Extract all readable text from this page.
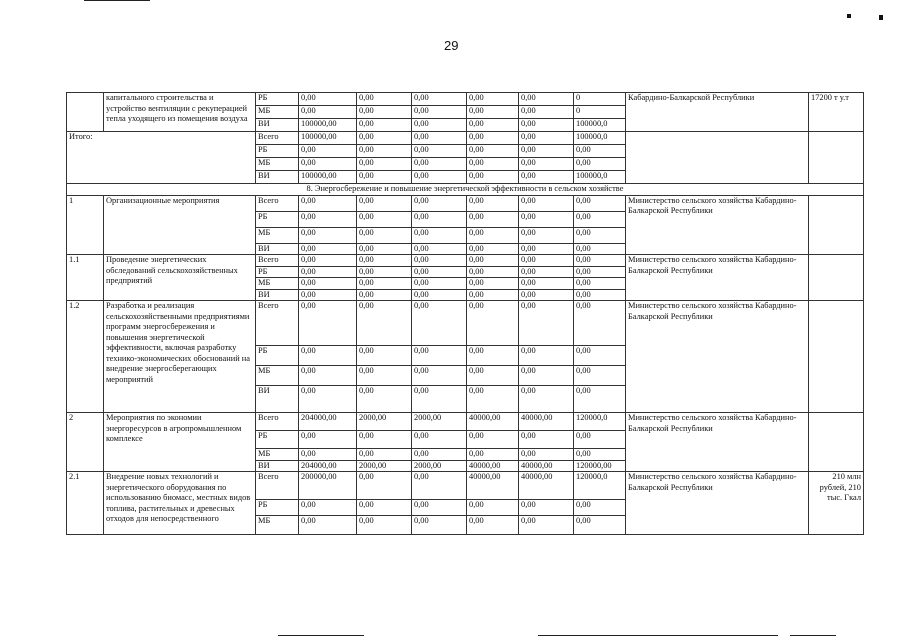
29
	капитального строительства и устройство вентиляции с рекуперацией тепла уходящего из помещения воздуха	РБ	0,00	0,00	0,00	0,00	0,00	0	Кабардино-Балкарской Республики	17200 т у.т
		МБ	0,00	0,00	0,00	0,00	0,00	0		
		ВИ	100000,00	0,00	0,00	0,00	0,00	100000,0		
Итого:		Всего	100000,00	0,00	0,00	0,00	0,00	100000,0		
		РБ	0,00	0,00	0,00	0,00	0,00	0,00		
		МБ	0,00	0,00	0,00	0,00	0,00	0,00		
		ВИ	100000,00	0,00	0,00	0,00	0,00	100000,0		
8. Энергосбережение и повышение энергетической эффективности в сельском хозяйстве										
1	Организационные мероприятия	Всего	0,00	0,00	0,00	0,00	0,00	0,00	Министерство сельского хозяйства Кабардино-Балкарской Республики	
		РБ	0,00	0,00	0,00	0,00	0,00	0,00		
		МБ	0,00	0,00	0,00	0,00	0,00	0,00		
		ВИ	0,00	0,00	0,00	0,00	0,00	0,00		
1.1	Проведение энергетических обследований сельскохозяйственных предприятий	Всего	0,00	0,00	0,00	0,00	0,00	0,00	Министерство сельского хозяйства Кабардино-Балкарской Республики	
		РБ	0,00	0,00	0,00	0,00	0,00	0,00		
		МБ	0,00	0,00	0,00	0,00	0,00	0,00		
		ВИ	0,00	0,00	0,00	0,00	0,00	0,00		
1.2	Разработка и реализация сельскохозяйственными предприятиями программ энергосбережения и повышения энергетической эффективности, включая разработку технико-экономических обоснований на внедрение энергосберегающих мероприятий	Всего	0,00	0,00	0,00	0,00	0,00	0,00	Министерство сельского хозяйства Кабардино-Балкарской Республики	
		РБ	0,00	0,00	0,00	0,00	0,00	0,00		
		МБ	0,00	0,00	0,00	0,00	0,00	0,00		
		ВИ	0,00	0,00	0,00	0,00	0,00	0,00		
2	Мероприятия по экономии энергоресурсов в агропромышленном комплексе	Всего	204000,00	2000,00	2000,00	40000,00	40000,00	120000,0	Министерство сельского хозяйства Кабардино-Балкарской Республики	
		РБ	0,00	0,00	0,00	0,00	0,00	0,00		
		МБ	0,00	0,00	0,00	0,00	0,00	0,00		
		ВИ	204000,00	2000,00	2000,00	40000,00	40000,00	120000,00		
2.1	Внедрение новых технологий и энергетического оборудования по использованию биомасс, местных видов топлива, растительных и древесных отходов для непосредственного	Всего	200000,00	0,00	0,00	40000,00	40000,00	120000,0	Министерство сельского хозяйства Кабардино-Балкарской Республики	210 млн рублей, 210 тыс. Гкал
		РБ	0,00	0,00	0,00	0,00	0,00	0,00		
		МБ	0,00	0,00	0,00	0,00	0,00	0,00		
